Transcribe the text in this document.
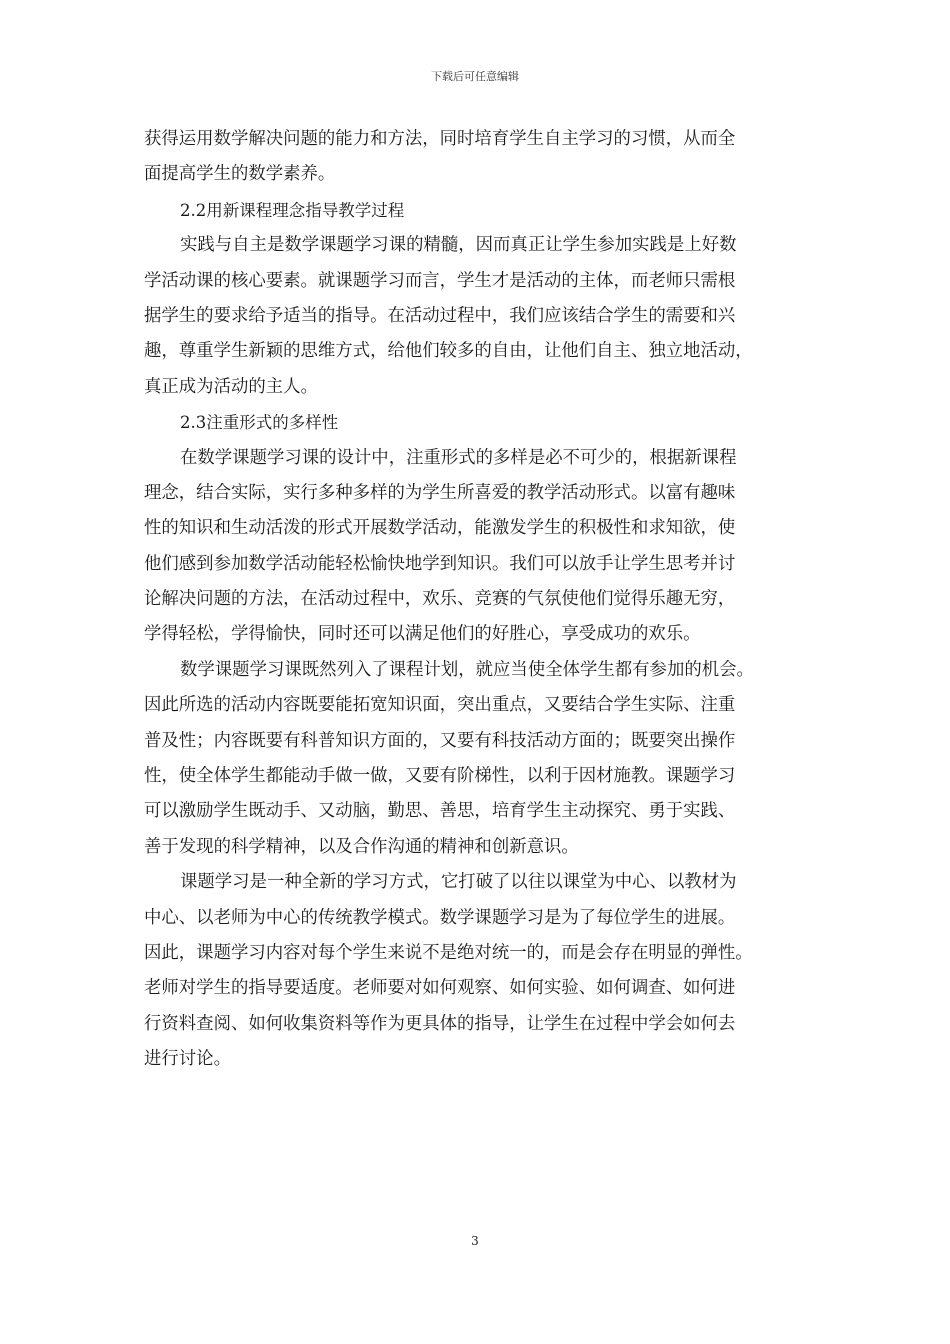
下载后可任意编辑
获得运用数学解决问题的能力和方法，同时培育学生自主学习的习惯，从而全
面提高学生的数学素养。
2.2用新课程理念指导教学过程
实践与自主是数学课题学习课的精髓，因而真正让学生参加实践是上好数
学活动课的核心要素。就课题学习而言，学生才是活动的主体，而老师只需根
据学生的要求给予适当的指导。在活动过程中，我们应该结合学生的需要和兴
趣，尊重学生新颖的思维方式，给他们较多的自由，让他们自主、独立地活动，
真正成为活动的主人。
2.3注重形式的多样性
在数学课题学习课的设计中，注重形式的多样是必不可少的，根据新课程
理念，结合实际，实行多种多样的为学生所喜爱的教学活动形式。以富有趣味
性的知识和生动活泼的形式开展数学活动，能激发学生的积极性和求知欲，使
他们感到参加数学活动能轻松愉快地学到知识。我们可以放手让学生思考并讨
论解决问题的方法，在活动过程中，欢乐、竞赛的气氛使他们觉得乐趣无穷，
学得轻松，学得愉快，同时还可以满足他们的好胜心，享受成功的欢乐。
数学课题学习课既然列入了课程计划，就应当使全体学生都有参加的机会。
因此所选的活动内容既要能拓宽知识面，突出重点，又要结合学生实际、注重
普及性；内容既要有科普知识方面的，又要有科技活动方面的；既要突出操作
性，使全体学生都能动手做一做，又要有阶梯性，以利于因材施教。课题学习
可以激励学生既动手、又动脑，勤思、善思，培育学生主动探究、勇于实践、
善于发现的科学精神，以及合作沟通的精神和创新意识。
课题学习是一种全新的学习方式，它打破了以往以课堂为中心、以教材为
中心、以老师为中心的传统教学模式。数学课题学习是为了每位学生的进展。
因此，课题学习内容对每个学生来说不是绝对统一的，而是会存在明显的弹性。
老师对学生的指导要适度。老师要对如何观察、如何实验、如何调查、如何进
行资料查阅、如何收集资料等作为更具体的指导，让学生在过程中学会如何去
进行讨论。
3
